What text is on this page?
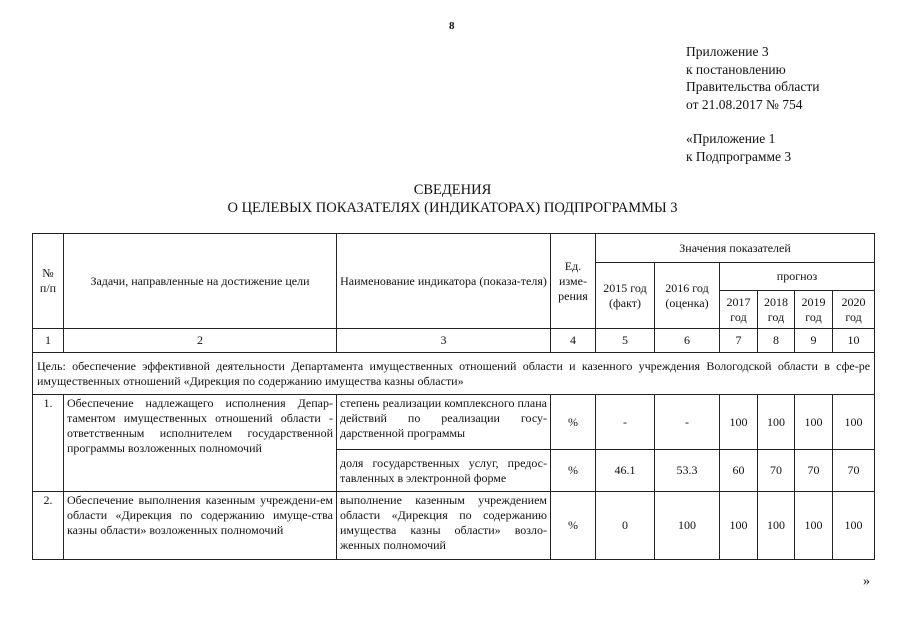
8
Приложение 3
к постановлению
Правительства области
от 21.08.2017 № 754
«Приложение 1
к Подпрограмме 3
СВЕДЕНИЯ
О ЦЕЛЕВЫХ ПОКАЗАТЕЛЯХ (ИНДИКАТОРАХ) ПОДПРОГРАММЫ 3
№ п/п	Задачи, направленные на достижение цели	Наименование индикатора (показа-теля)	Ед. изме-рения	Значения показателей					
				2015 год (факт)	2016 год (оценка)	прогноз			
						2017 год	2018 год	2019 год	2020 год
1	2	3	4	5	6	7	8	9	10
Цель: обеспечение эффективной деятельности Департамента имущественных отношений области и казенного учреждения Вологодской области в сфе-ре имущественных отношений «Дирекция по содержанию имущества казны области»									
1.	Обеспечение надлежащего исполнения Депар-таментом имущественных отношений области - ответственным исполнителем государственной программы возложенных полномочий	степень реализации комплексного плана действий по реализации госу-дарственной программы	%	-	-	100	100	100	100
		доля государственных услуг, предос-тавленных в электронной форме	%	46.1	53.3	60	70	70	70
2.	Обеспечение выполнения казенным учреждени-ем области «Дирекция по содержанию имуще-ства казны области» возложенных полномочий	выполнение казенным учреждением области «Дирекция по содержанию имущества казны области» возло-женных полномочий	%	0	100	100	100	100	100
»
